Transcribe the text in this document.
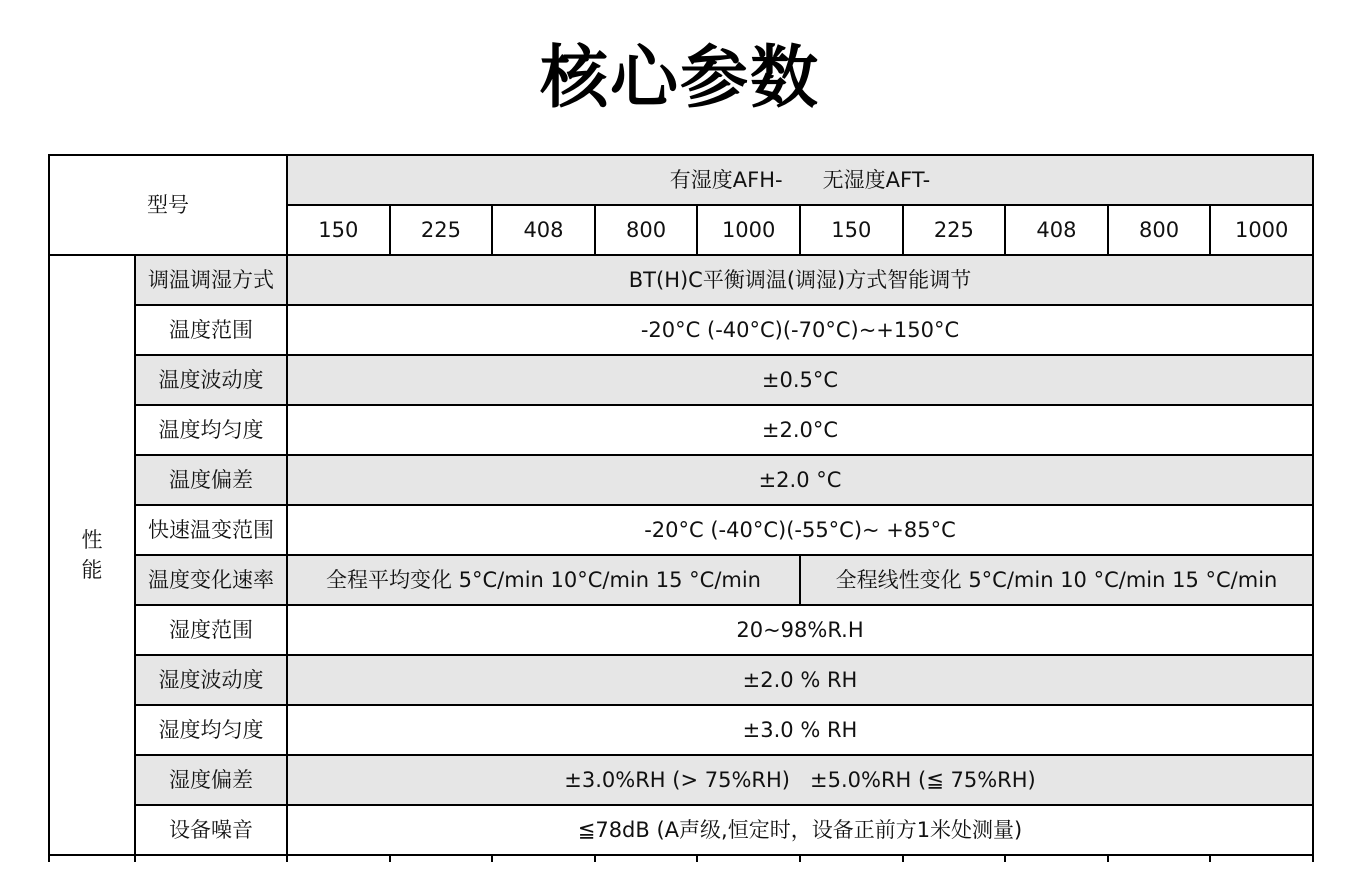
核心参数
型号		有湿度AFH-      无湿度AFT-									
		150	225	408	800	1000	150	225	408	800	1000
性
能	调温调湿方式	BT(H)C平衡调温(调湿)方式智能调节									
	温度范围	-20°C (-40°C)(-70°C)~+150°C									
	温度波动度	±0.5°C									
	温度均匀度	±2.0°C									
	温度偏差	±2.0 °C									
	快速温变范围	-20°C (-40°C)(-55°C)~ +85°C									
	温度变化速率	全程平均变化 5°C/min 10°C/min 15 °C/min					全程线性变化 5°C/min 10 °C/min 15 °C/min				
	湿度范围	20~98%R.H									
	湿度波动度	±2.0 % RH									
	湿度均匀度	±3.0 % RH									
	湿度偏差	±3.0%RH (> 75%RH)   ±5.0%RH (≦ 75%RH)									
	设备噪音	≦78dB (A声级,恒定时，设备正前方1米处测量)									
